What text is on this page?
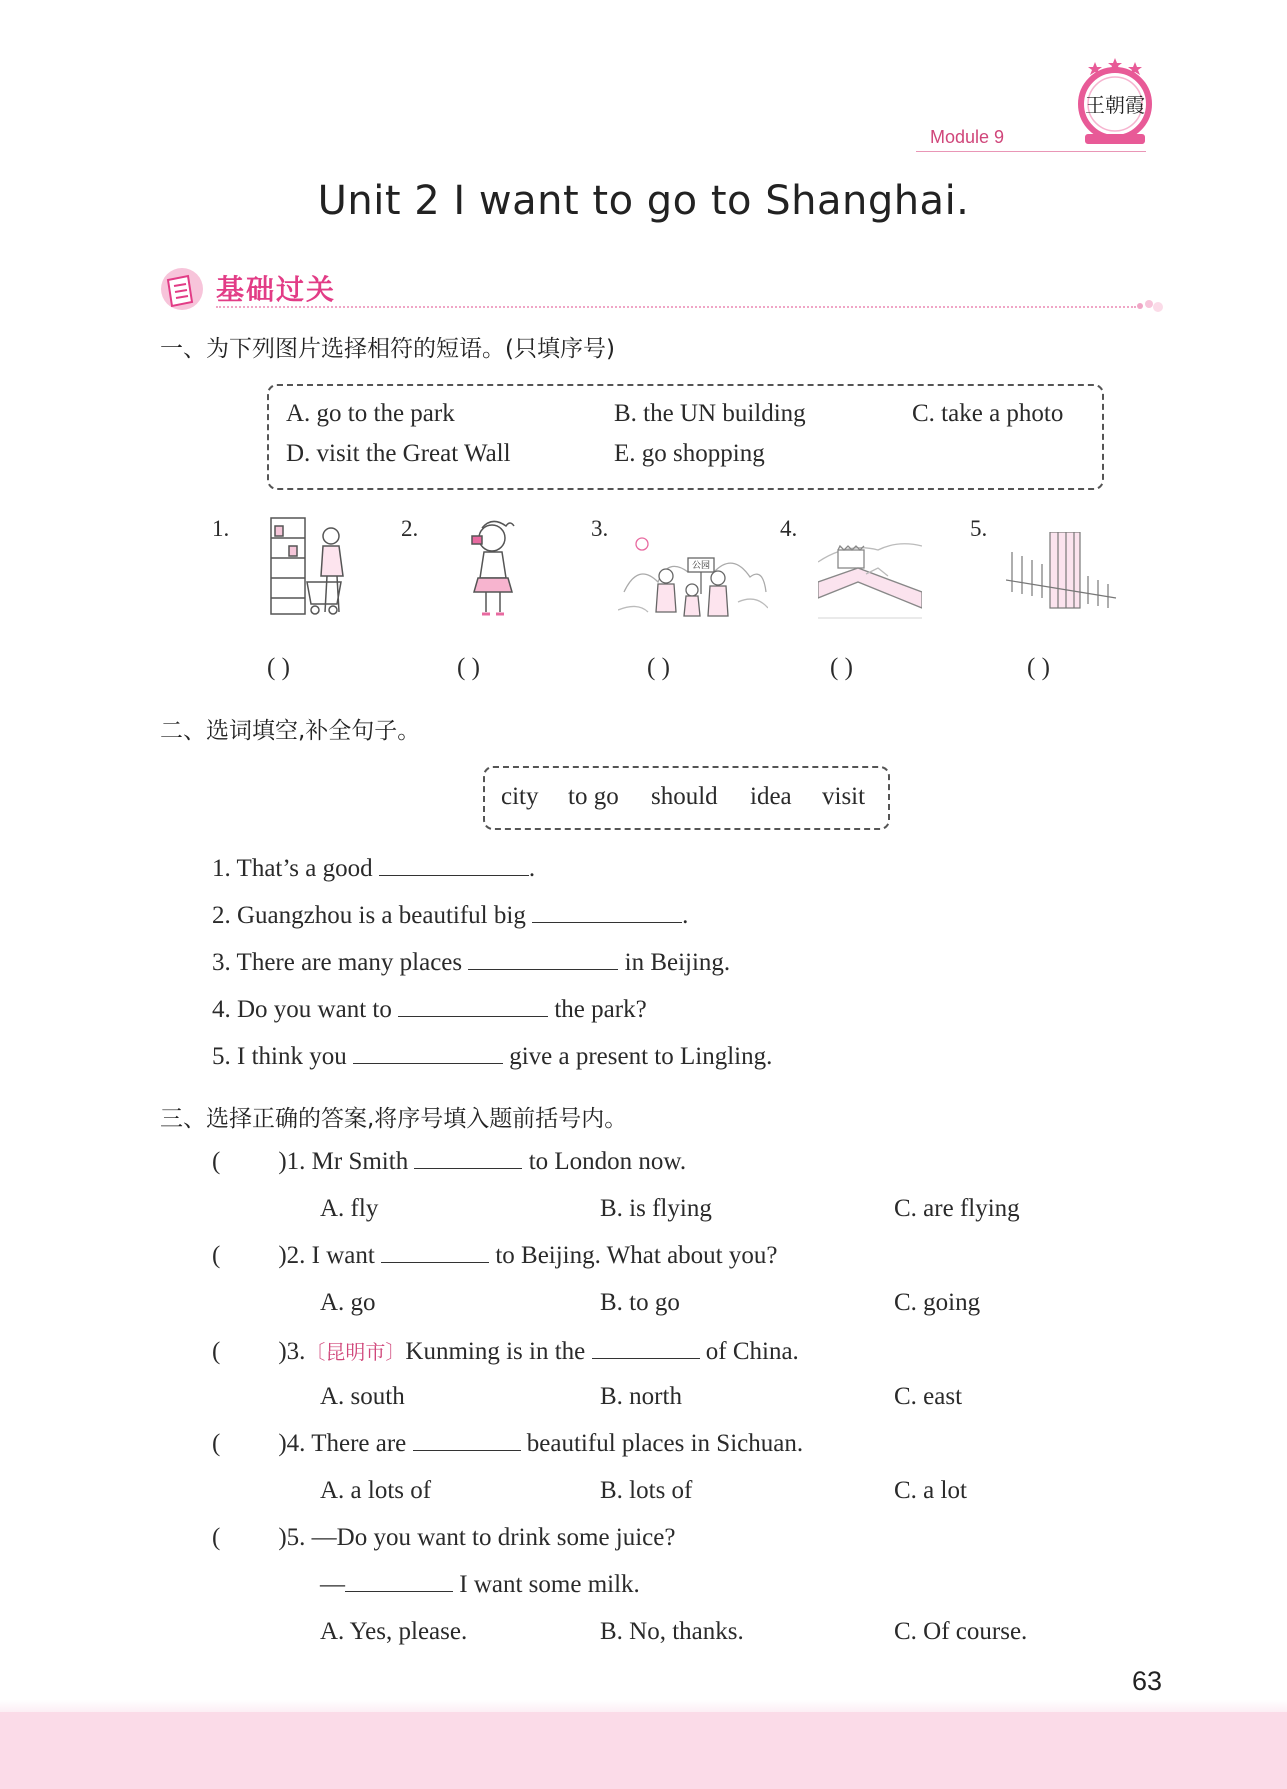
Module 9
王朝霞
Unit 2 I want to go to Shanghai.
基础过关
一、为下列图片选择相符的短语。(只填序号)
A. go to the park	B. the UN building	C. take a photo
D. visit the Great Wall	E. go shopping
1.	2.	3.
公园
4.	5.
( )	( )	( )	( )	( )
二、选词填空,补全句子。
city to go should idea visit
1. That’s a good	.
2. Guangzhou is a beautiful big	.
3. There are many places	in Beijing.
4. Do you want to	the park?
5. I think you	give a present to Lingling.
三、选择正确的答案,将序号填入题前括号内。
( )1. Mr Smith	to London now.
A. fly	B. is flying	C. are flying
( )2. I want	to Beijing. What about you?
A. go	B. to go	C. going
( )3.〔昆明市〕Kunming is in the	of China.
A. south	B. north	C. east
( )4. There are	beautiful places in Sichuan.
A. a lots of	B. lots of	C. a lot
( )5. —Do you want to drink some juice?
—	I want some milk.
A. Yes, please.	B. No, thanks.	C. Of course.
63
